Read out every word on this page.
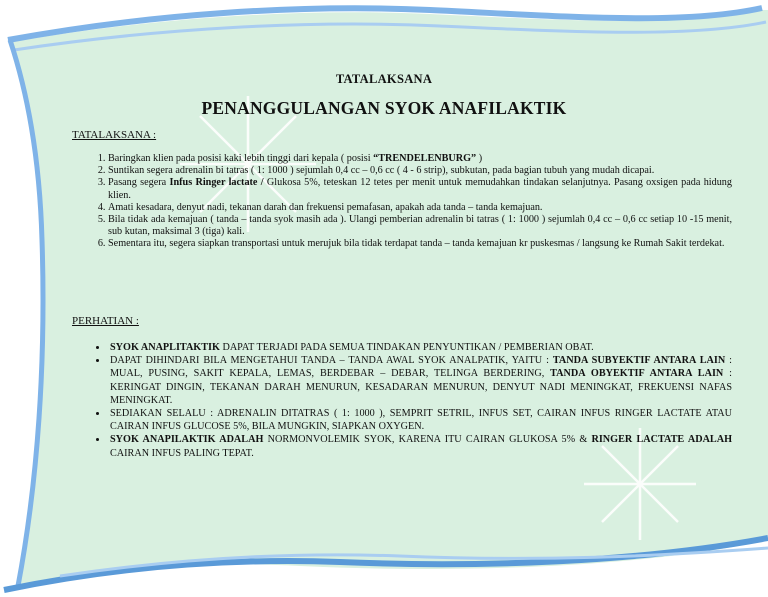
TATALAKSANA
PENANGGULANGAN SYOK ANAFILAKTIK
TATALAKSANA :
1. Baringkan klien pada posisi kaki lebih tinggi dari kepala ( posisi “TRENDELENBURG” )
2. Suntikan segera adrenalin bi tatras ( 1: 1000 ) sejumlah 0,4 cc – 0,6 cc ( 4 - 6 strip), subkutan, pada bagian tubuh yang mudah dicapai.
3. Pasang segera Infus Ringer lactate / Glukosa 5%, teteskan 12 tetes per menit untuk memudahkan tindakan selanjutnya. Pasang oxsigen pada hidung klien.
4. Amati kesadara, denyut nadi, tekanan darah dan frekuensi pemafasan, apakah ada tanda – tanda kemajuan.
5. Bila tidak ada kemajuan ( tanda – tanda syok masih ada ). Ulangi pemberian adrenalin bi tatras ( 1: 1000 ) sejumlah 0,4 cc – 0,6 cc setiap 10 -15 menit, sub kutan, maksimal 3 (tiga) kali.
6. Sementara itu, segera siapkan transportasi untuk merujuk bila tidak terdapat tanda – tanda kemajuan kr puskesmas / langsung ke Rumah Sakit terdekat.
PERHATIAN :
• SYOK ANAPLITAKTIK DAPAT TERJADI PADA SEMUA TINDAKAN PENYUNTIKAN / PEMBERIAN OBAT.
• DAPAT DIHINDARI BILA MENGETAHUI TANDA – TANDA AWAL SYOK ANALPATIK, YAITU : TANDA SUBYEKTIF ANTARA LAIN : MUAL, PUSING, SAKIT KEPALA, LEMAS, BERDEBAR – DEBAR, TELINGA BERDERING, TANDA OBYEKTIF ANTARA LAIN : KERINGAT DINGIN, TEKANAN DARAH MENURUN, KESADARAN MENURUN, DENYUT NADI MENINGKAT, FREKUENSI NAFAS MENINGKAT.
• SEDIAKAN SELALU : ADRENALIN DITATRAS ( 1: 1000 ), SEMPRIT SETRIL, INFUS SET, CAIRAN INFUS RINGER LACTATE ATAU CAIRAN INFUS GLUCOSE 5%, BILA MUNGKIN, SIAPKAN OXYGEN.
• SYOK ANAPILAKTIK ADALAH NORMONVOLEMIK SYOK, KARENA ITU CAIRAN GLUKOSA 5% & RINGER LACTATE ADALAH CAIRAN INFUS PALING TEPAT.
